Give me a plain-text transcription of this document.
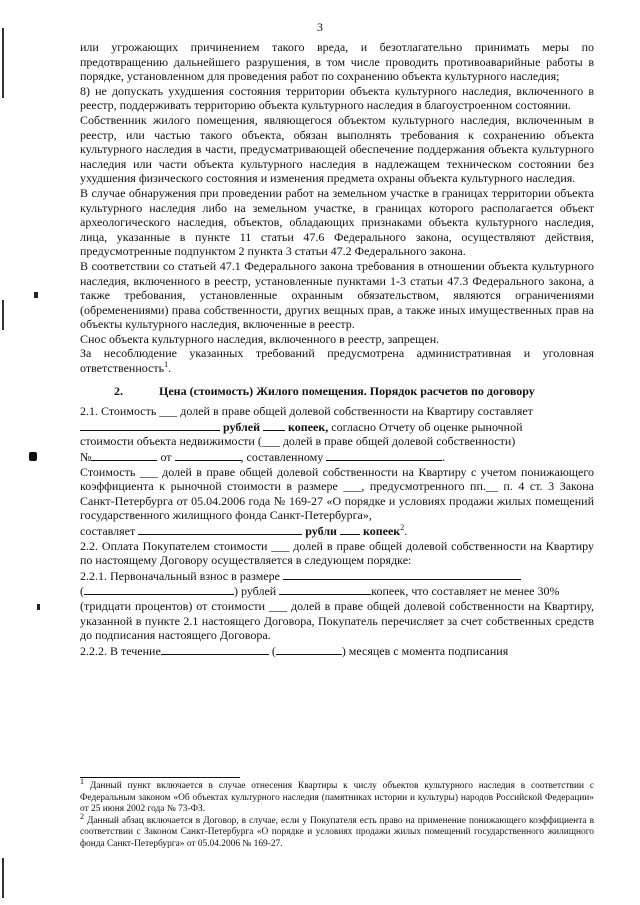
3

или угрожающих причинением такого вреда, и безотлагательно принимать меры по предотвращению дальнейшего разрушения, в том числе проводить противоаварийные работы в порядке, установленном для проведения работ по сохранению объекта культурного наследия;

8) не допускать ухудшения состояния территории объекта культурного наследия, включенного в реестр, поддерживать территорию объекта культурного наследия в благоустроенном состоянии.

Собственник жилого помещения, являющегося объектом культурного наследия, включенным в реестр, или частью такого объекта, обязан выполнять требования к сохранению объекта культурного наследия в части, предусматривающей обеспечение поддержания объекта культурного наследия или части объекта культурного наследия в надлежащем техническом состоянии без ухудшения физического состояния и изменения предмета охраны объекта культурного наследия.

В случае обнаружения при проведении работ на земельном участке в границах территории объекта культурного наследия либо на земельном участке, в границах которого располагается объект археологического наследия, объектов, обладающих признаками объекта культурного наследия, лица, указанные в пункте 11 статьи 47.6 Федерального закона, осуществляют действия, предусмотренные подпунктом 2 пункта 3 статьи 47.2 Федерального закона.

В соответствии со статьей 47.1 Федерального закона требования в отношении объекта культурного наследия, включенного в реестр, установленные пунктами 1-3 статьи 47.3 Федерального закона, а также требования, установленные охранным обязательством, являются ограничениями (обременениями) права собственности, других вещных прав, а также иных имущественных прав на объекты культурного наследия, включенные в реестр.

Снос объекта культурного наследия, включенного в реестр, запрещен.

За несоблюдение указанных требований предусмотрена административная и уголовная ответственность$^1$.

2.	Цена (стоимость) Жилого помещения. Порядок расчетов по договору

2.1. Стоимость ___ долей в праве общей долевой собственности на Квартиру составляет

рублей копеек, согласно Отчету об оценке рыночной

стоимости объекта недвижимости (___ долей в праве общей долевой собственности)

№	от	, составленному	.

Стоимость ___ долей в праве общей долевой собственности на Квартиру с учетом понижающего коэффициента к рыночной стоимости в размере ___, предусмотренного пп.__ п. 4 ст. 3 Закона Санкт-Петербурга от 05.04.2006 года № 169-27 «О порядке и условиях продажи жилых помещений государственного жилищного фонда Санкт-Петербурга»,

составляет	рубли копеек$^2$.

2.2. Оплата Покупателем стоимости ___ долей в праве общей долевой собственности на Квартиру по настоящему Договору осуществляется в следующем порядке:

2.2.1. Первоначальный взнос в размере

(	) рублей	копеек, что составляет не менее 30%

(тридцати процентов) от стоимости ___ долей в праве общей долевой собственности на Квартиру, указанной в пункте 2.1 настоящего Договора, Покупатель перечисляет за счет собственных средств до подписания настоящего Договора.

2.2.2. В течение	(	) месяцев с момента подписания

$^1$ Данный пункт включается в случае отнесения Квартиры к числу объектов культурного наследия в соответствии с Федеральным законом «Об объектах культурного наследия (памятниках истории и культуры) народов Российской Федерации» от 25 июня 2002 года № 73-ФЗ.

$^2$ Данный абзац включается в Договор, в случае, если у Покупателя есть право на применение понижающего коэффициента в соответствии с Законом Санкт-Петербурга «О порядке и условиях продажи жилых помещений государственного жилищного фонда Санкт-Петербурга» от 05.04.2006 № 169-27.
